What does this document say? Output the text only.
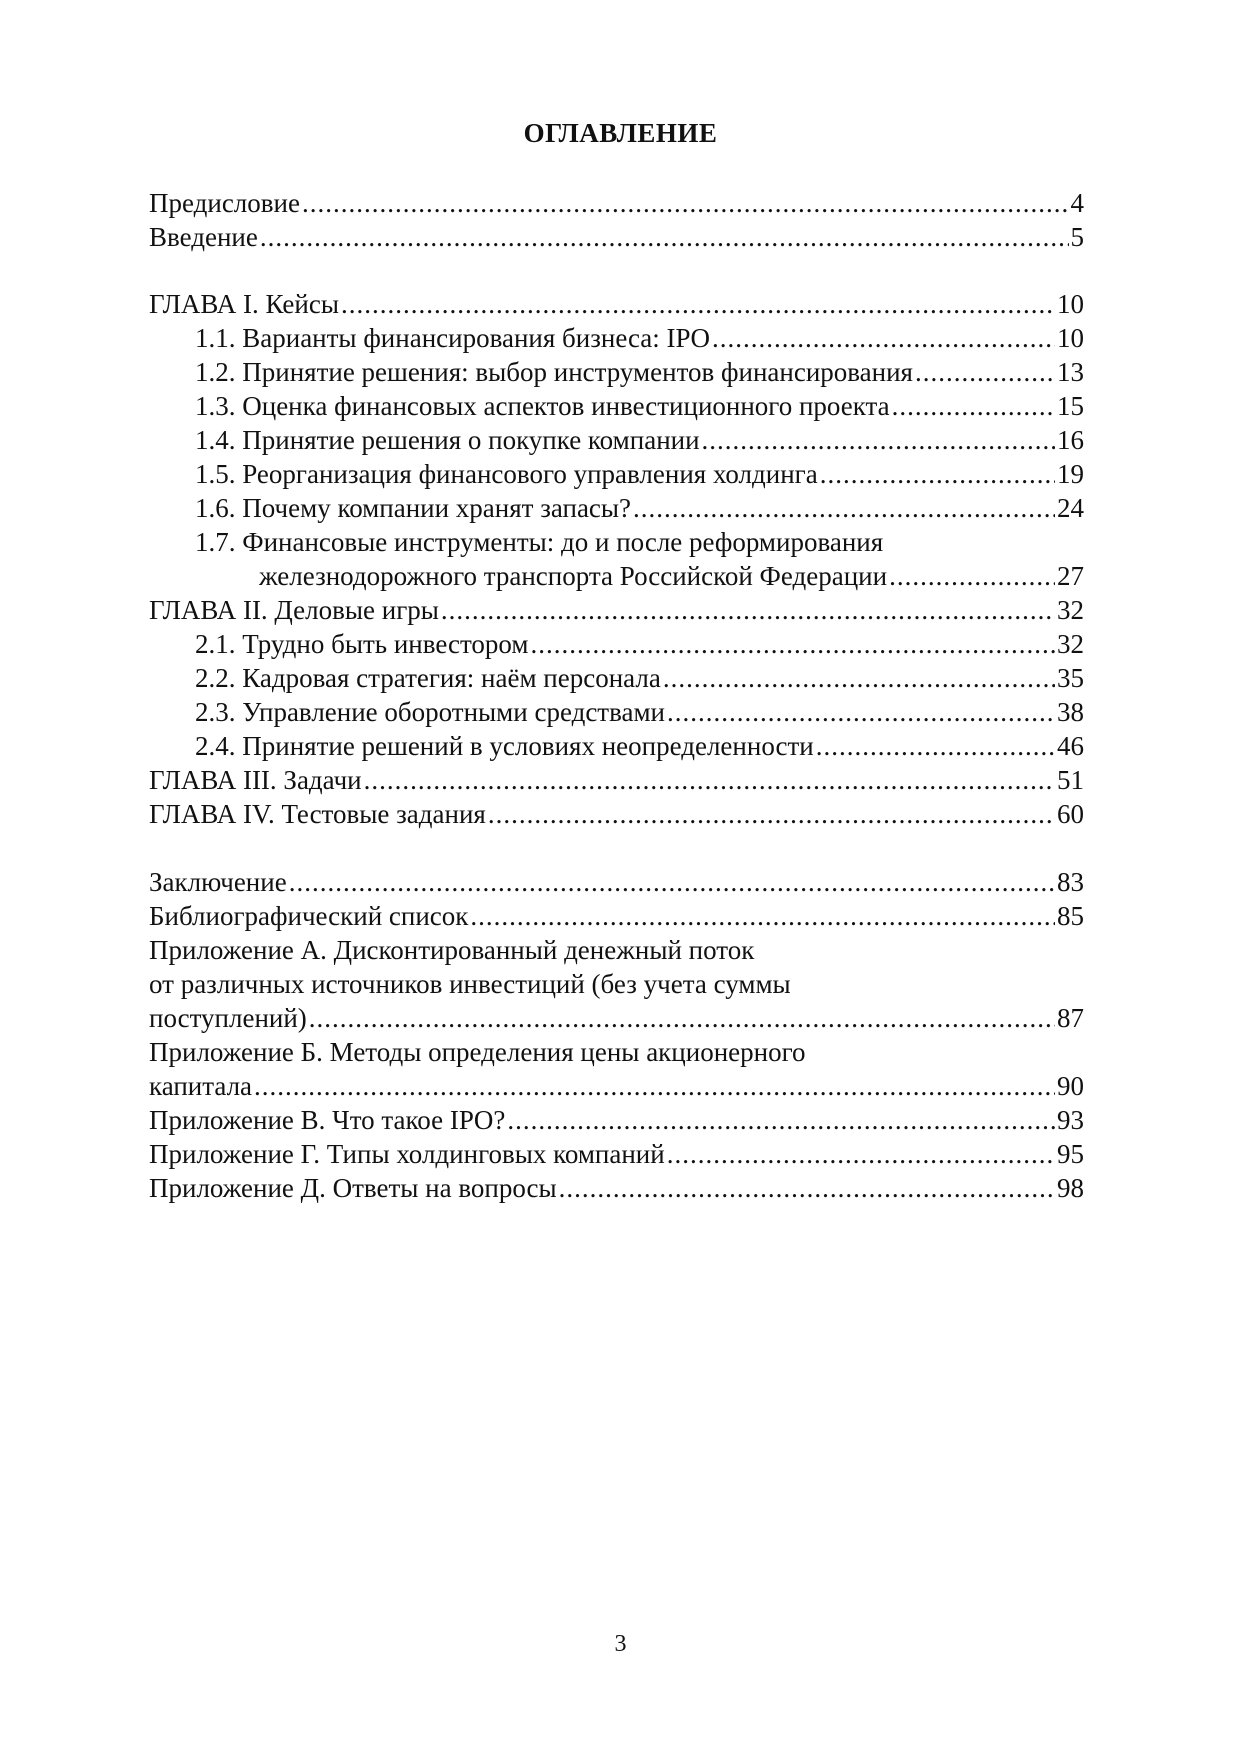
ОГЛАВЛЕНИЕ
Предисловие .....	4
Введение .....	5
ГЛАВА I. Кейсы .....	10
1.1. Варианты финансирования бизнеса: IPO .....	10
1.2. Принятие решения: выбор инструментов финансирования .....	13
1.3. Оценка финансовых аспектов инвестиционного проекта .....	15
1.4. Принятие решения о покупке компании .....	16
1.5. Реорганизация финансового управления холдинга .....	19
1.6. Почему компании хранят запасы? .....	24
1.7. Финансовые инструменты: до и после реформирования
железнодорожного транспорта Российской Федерации .....	27
ГЛАВА II. Деловые игры .....	32
2.1. Трудно быть инвестором .....	32
2.2. Кадровая стратегия: наём персонала .....	35
2.3. Управление оборотными средствами .....	38
2.4. Принятие решений в условиях неопределенности .....	46
ГЛАВА III. Задачи .....	51
ГЛАВА IV. Тестовые задания .....	60
Заключение .....	83
Библиографический список .....	85
Приложение А. Дисконтированный денежный поток
от различных источников инвестиций (без учета суммы
поступлений) .....	87
Приложение Б. Методы определения цены акционерного
капитала .....	90
Приложение В. Что такое IPO? .....	93
Приложение Г. Типы холдинговых компаний .....	95
Приложение Д. Ответы на вопросы .....	98
3
